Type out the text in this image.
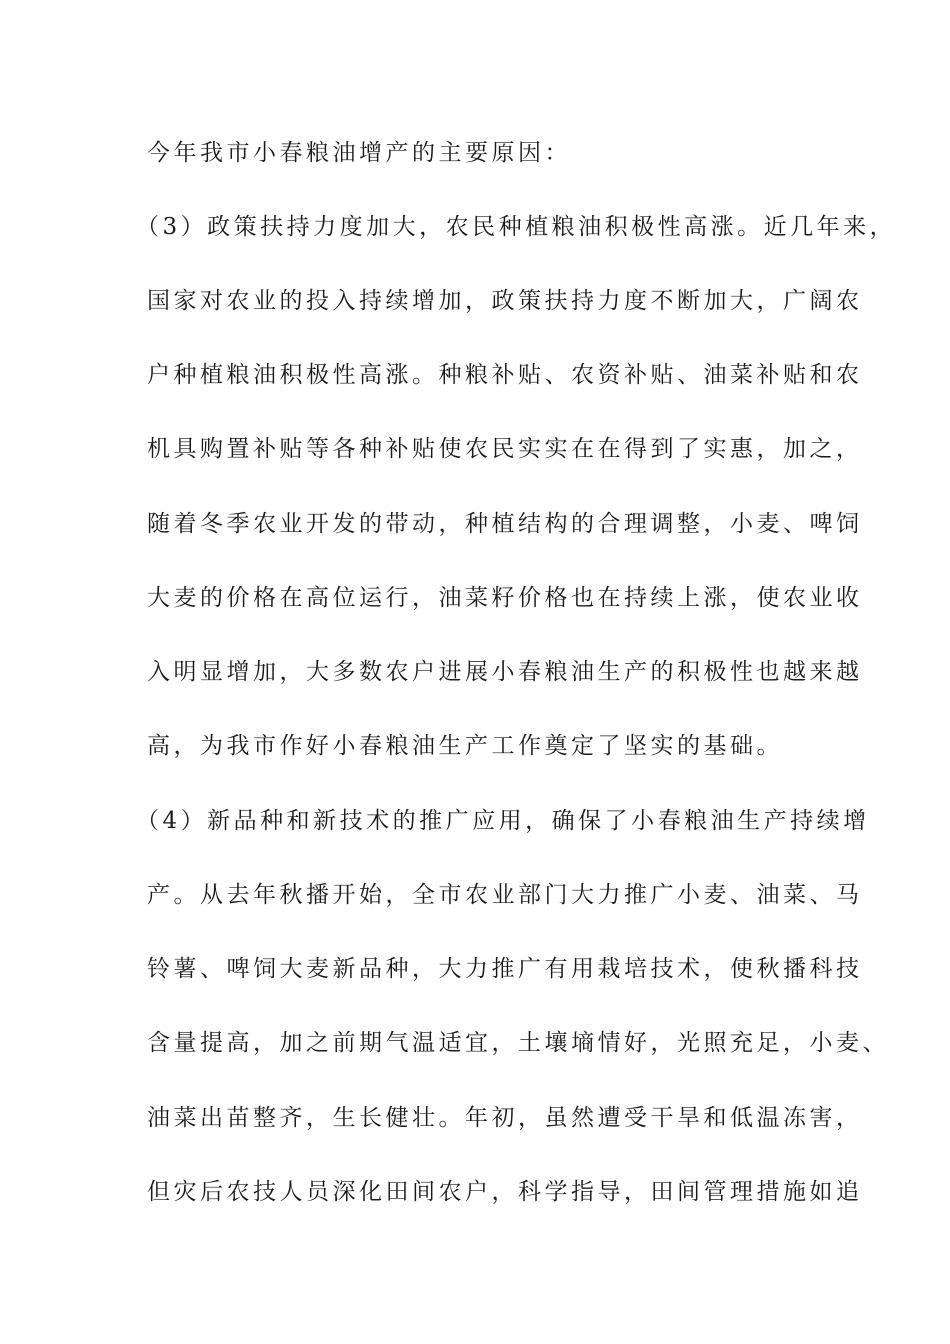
今年我市小春粮油增产的主要原因：

（3）政策扶持力度加大，农民种植粮油积极性高涨。近几年来，

国家对农业的投入持续增加，政策扶持力度不断加大，广阔农

户种植粮油积极性高涨。种粮补贴、农资补贴、油菜补贴和农

机具购置补贴等各种补贴使农民实实在在得到了实惠，加之，

随着冬季农业开发的带动，种植结构的合理调整，小麦、啤饲

大麦的价格在高位运行，油菜籽价格也在持续上涨，使农业收

入明显增加，大多数农户进展小春粮油生产的积极性也越来越

高，为我市作好小春粮油生产工作奠定了坚实的基础。

（4）新品种和新技术的推广应用，确保了小春粮油生产持续增

产。从去年秋播开始，全市农业部门大力推广小麦、油菜、马

铃薯、啤饲大麦新品种，大力推广有用栽培技术，使秋播科技

含量提高，加之前期气温适宜，土壤墒情好，光照充足，小麦、

油菜出苗整齐，生长健壮。年初，虽然遭受干旱和低温冻害，

但灾后农技人员深化田间农户，科学指导，田间管理措施如追
